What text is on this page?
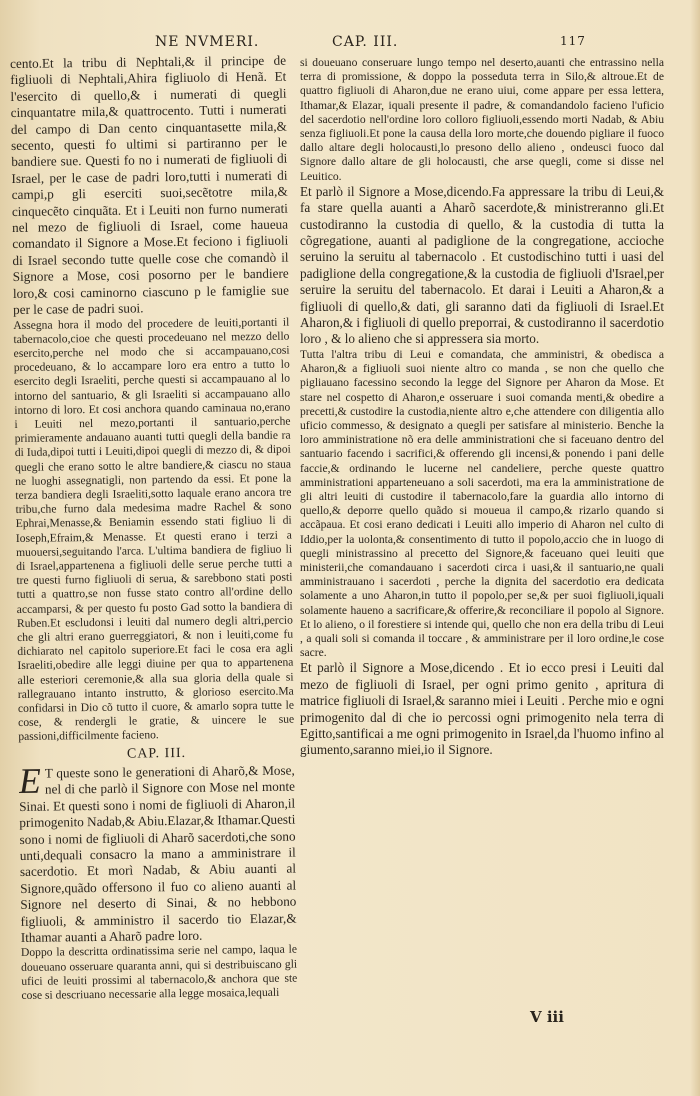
NE NVMERI.	CAP. III.	117

cento.Et la tribu di Nephtali,& il principe de figliuoli di Nephtali,Ahira figliuolo di Henã. Et l'esercito di quello,& i numerati di quegli cinquantatre mila,& quattrocento. Tutti i numerati del campo di Dan cento cinquantasette mila,& secento, questi fo ultimi si partiranno per le bandiere sue. Questi fo no i numerati de figliuoli di Israel, per le case de padri loro,tutti i numerati di campi,p gli eserciti suoi,secẽtotre mila,& cinquecẽto cinquãta. Et i Leuiti non furno numerati nel mezo de figliuoli di Israel, come haueua comandato il Signore a Mose.Et feciono i figliuoli di Israel secondo tutte quelle cose che comandò il Signore a Mose, cosi posorno per le bandiere loro,& cosi caminorno ciascuno p le famiglie sue per le case de padri suoi.

Assegna hora il modo del procedere de leuiti,portanti il tabernacolo,cioe che questi procedeuano nel mezzo dello esercito,perche nel modo che si accampauano,cosi procedeuano, & lo accampare loro era entro a tutto lo esercito degli Israeliti, perche questi si accampauano al lo intorno del santuario, & gli Israeliti si accampauano allo intorno di loro. Et cosi anchora quando caminaua no,erano i Leuiti nel mezo,portanti il santuario,perche primieramente andauano auanti tutti quegli della bandie ra di Iuda,dipoi tutti i Leuiti,dipoi quegli di mezzo di, & dipoi quegli che erano sotto le altre bandiere,& ciascu no staua ne luoghi assegnatigli, non partendo da essi. Et pone la terza bandiera degli Israeliti,sotto laquale erano ancora tre tribu,che furno dala medesima madre Rachel & sono Ephrai,Menasse,& Beniamin essendo stati figliuo li di Ioseph,Efraim,& Menasse. Et questi erano i terzi a muouersi,seguitando l'arca. L'ultima bandiera de figliuo li di Israel,appartenena a figliuoli delle serue perche tutti a tre questi furno figliuoli di serua, & sarebbono stati posti tutti a quattro,se non fusse stato contro all'ordine dello accamparsi, & per questo fu posto Gad sotto la bandiera di Ruben.Et escludonsi i leuiti dal numero degli altri,percio che gli altri erano guerreggiatori, & non i leuiti,come fu dichiarato nel capitolo superiore.Et faci le cosa era agli Israeliti,obedire alle leggi diuine per qua to appartenena alle esteriori ceremonie,& alla sua gloria della quale si rallegrauano intanto instrutto, & glorioso esercito.Ma confidarsi in Dio cõ tutto il cuore, & amarlo sopra tutte le cose, & rendergli le gratie, & uincere le sue passioni,difficilmente facieno.

CAP. III.

E T queste sono le generationi di Aharõ,& Mose, nel di che parlò il Signore con Mose nel monte Sinai. Et questi sono i nomi de figliuoli di Aharon,il primogenito Nadab,& Abiu.Elazar,& Ithamar.Questi sono i nomi de figliuoli di Aharõ sacerdoti,che sono unti,dequali consacro la mano a amministrare il sacerdotio. Et morì Nadab, & Abiu auanti al Signore,quãdo offersono il fuo co alieno auanti al Signore nel deserto di Sinai, & no hebbono figliuoli, & amministro il sacerdo tio Elazar,& Ithamar auanti a Aharõ padre loro.

Doppo la descritta ordinatissima serie nel campo, laqua le doueuano osseruare quaranta anni, qui si destribuiscano gli ufici de leuiti prossimi al tabernacolo,& anchora que ste cose si descriuano necessarie alla legge mosaica,lequali

si doueuano conseruare lungo tempo nel deserto,auanti che entrassino nella terra di promissione, & doppo la posseduta terra in Silo,& altroue.Et de quattro figliuoli di Aharon,due ne erano uiui, come appare per essa lettera, Ithamar,& Elazar, iquali presente il padre, & comandandolo facieno l'uficio del sacerdotio nell'ordine loro colloro figliuoli,essendo morti Nadab, & Abiu senza figliuoli.Et pone la causa della loro morte,che douendo pigliare il fuoco dallo altare degli holocausti,lo presono dello alieno , ondeusci fuoco dal Signore dallo altare de gli holocausti, che arse quegli, come si disse nel Leuitico.

Et parlò il Signore a Mose,dicendo.Fa appressare la tribu di Leui,& fa stare quella auanti a Aharõ sacerdote,& ministreranno gli.Et custodiranno la custodia di quello, & la custodia di tutta la cõgregatione, auanti al padiglione de la congregatione, accioche seruino la seruitu al tabernacolo . Et custodischino tutti i uasi del padiglione della congregatione,& la custodia de figliuoli d'Israel,per seruire la seruitu del tabernacolo. Et darai i Leuiti a Aharon,& a figliuoli di quello,& dati, gli saranno dati da figliuoli di Israel.Et Aharon,& i figliuoli di quello preporrai, & custodiranno il sacerdotio loro , & lo alieno che si appressera sia morto.

Tutta l'altra tribu di Leui e comandata, che amministri, & obedisca a Aharon,& a figliuoli suoi niente altro co manda , se non che quello che pigliauano facessino secondo la legge del Signore per Aharon da Mose. Et stare nel cospetto di Aharon,e osseruare i suoi comanda menti,& obedire a precetti,& custodire la custodia,niente altro e,che attendere con diligentia allo uficio commesso, & designato a quegli per satisfare al ministerio. Benche la loro amministratione nõ era delle amministrationi che si faceuano dentro del santuario facendo i sacrifici,& offerendo gli incensi,& ponendo i pani delle faccie,& ordinando le lucerne nel candeliere, perche queste quattro amministrationi apparteneuano a soli sacerdoti, ma era la amministratione de gli altri leuiti di custodire il tabernacolo,fare la guardia allo intorno di quello,& deporre quello quãdo si moueua il campo,& rizarlo quando si accãpaua. Et cosi erano dedicati i Leuiti allo imperio di Aharon nel culto di Iddio,per la uolonta,& consentimento di tutto il popolo,accio che in luogo di quegli ministrassino al precetto del Signore,& faceuano quei leuiti que ministerii,che comandauano i sacerdoti circa i uasi,& il santuario,ne quali amministrauano i sacerdoti , perche la dignita del sacerdotio era dedicata solamente a uno Aharon,in tutto il popolo,per se,& per suoi figliuoli,iquali solamente haueno a sacrificare,& offerire,& reconciliare il popolo al Signore. Et lo alieno, o il forestiere si intende qui, quello che non era della tribu di Leui , a quali soli si comanda il toccare , & amministrare per il loro ordine,le cose sacre.

Et parlò il Signore a Mose,dicendo . Et io ecco presi i Leuiti dal mezo de figliuoli di Israel, per ogni primo genito , apritura di matrice figliuoli di Israel,& saranno miei i Leuiti . Perche mio e ogni primogenito dal di che io percossi ogni primogenito nela terra di Egitto,santificai a me ogni primogenito in Israel,da l'huomo infino al giumento,saranno miei,io il Signore.

V iii
